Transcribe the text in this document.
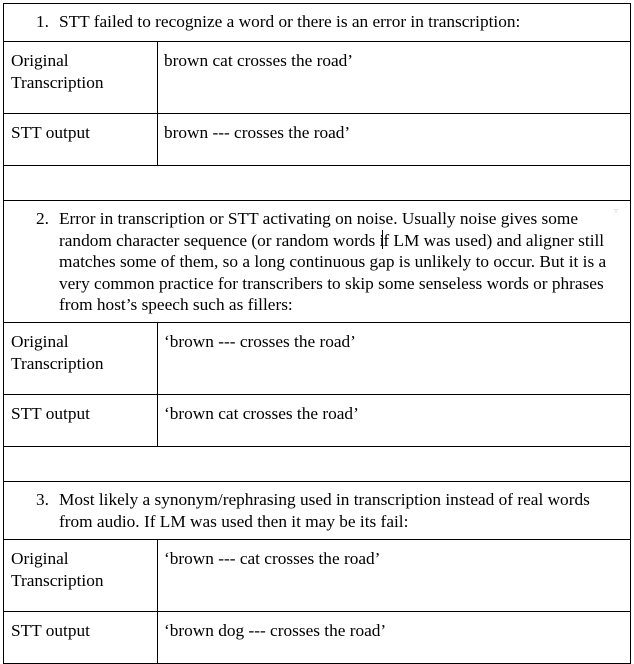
1. STT failed to recognize a word or there is an error in transcription:	

Original Transcription	brown cat crosses the road’
STT output	brown --- crosses the road’

2. Error in transcription or STT activating on noise. Usually noise gives some random character sequence (or random words if LM was used) and aligner still matches some of them, so a long continuous gap is unlikely to occur. But it is a very common practice for transcribers to skip some senseless words or phrases from host’s speech such as fillers:
▿	

Original Transcription	‘brown --- crosses the road’
STT output	‘brown cat crosses the road’

3. Most likely a synonym/rephrasing used in transcription instead of real words from audio. If LM was used then it may be its fail:	

Original Transcription	‘brown --- cat crosses the road’
STT output	‘brown dog --- crosses the road’
